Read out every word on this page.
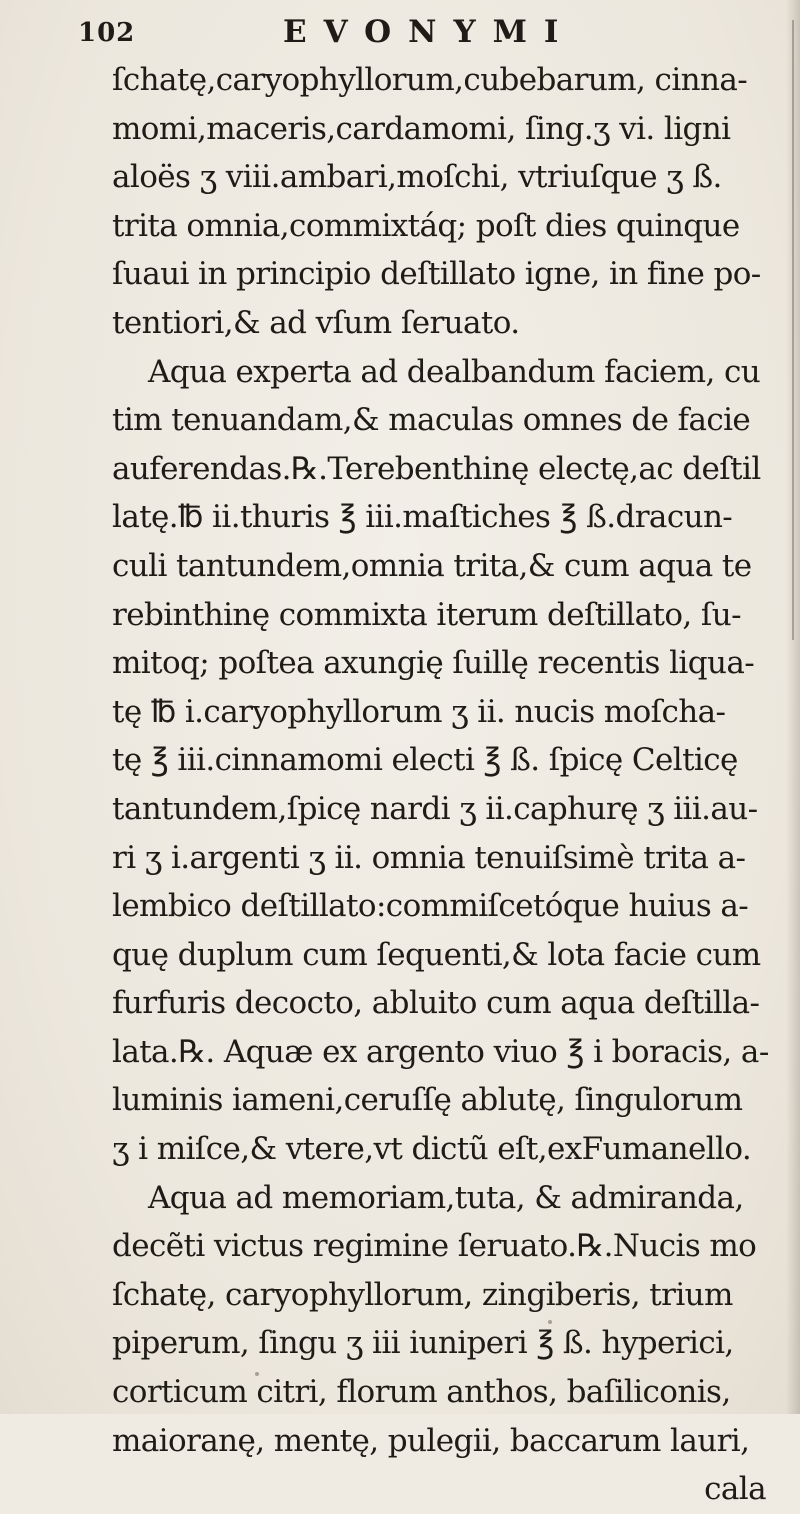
102	EVONYMI
ſchatę,caryophyllorum,cubebarum, cinna-
momi,maceris,cardamomi, ſing.ʒ vi. ligni
aloës ʒ viii.ambari,moſchi, vtriuſque ʒ ß.
trita omnia,commixtáq; poſt dies quinque
ſuaui in principio deſtillato igne, in fine po-
tentiori,& ad vſum ſeruato.
Aqua experta ad dealbandum faciem, cu
tim tenuandam,& maculas omnes de facie
auferendas.℞.Terebenthinę electę,ac deſtil
latę.℔ ii.thuris ℥ iii.maſtiches ℥ ß.dracun-
culi tantundem,omnia trita,& cum aqua te
rebinthinę commixta iterum deſtillato, ſu-
mitoq; poſtea axungię ſuillę recentis liqua-
tę ℔ i.caryophyllorum ʒ ii. nucis moſcha-
tę ℥ iii.cinnamomi electi ℥ ß. ſpicę Celticę
tantundem,ſpicę nardi ʒ ii.caphurę ʒ iii.au-
ri ʒ i.argenti ʒ ii. omnia tenuiſsimè trita a-
lembico deſtillato:commiſcetóque huius a-
quę duplum cum ſequenti,& lota facie cum
furfuris decocto, abluito cum aqua deſtilla-
lata.℞. Aquæ ex argento viuo ℥ i boracis, a-
luminis iameni,ceruſſę ablutę, ſingulorum
ʒ i miſce,& vtere,vt dictũ eſt,exFumanello.
Aqua ad memoriam,tuta, & admiranda,
decẽti victus regimine ſeruato.℞.Nucis mo
ſchatę, caryophyllorum, zingiberis, trium
piperum, ſingu ʒ iii iuniperi ℥ ß. hyperici,
corticum citri, florum anthos, baſiliconis,
maioranę, mentę, pulegii, baccarum lauri,
cala
